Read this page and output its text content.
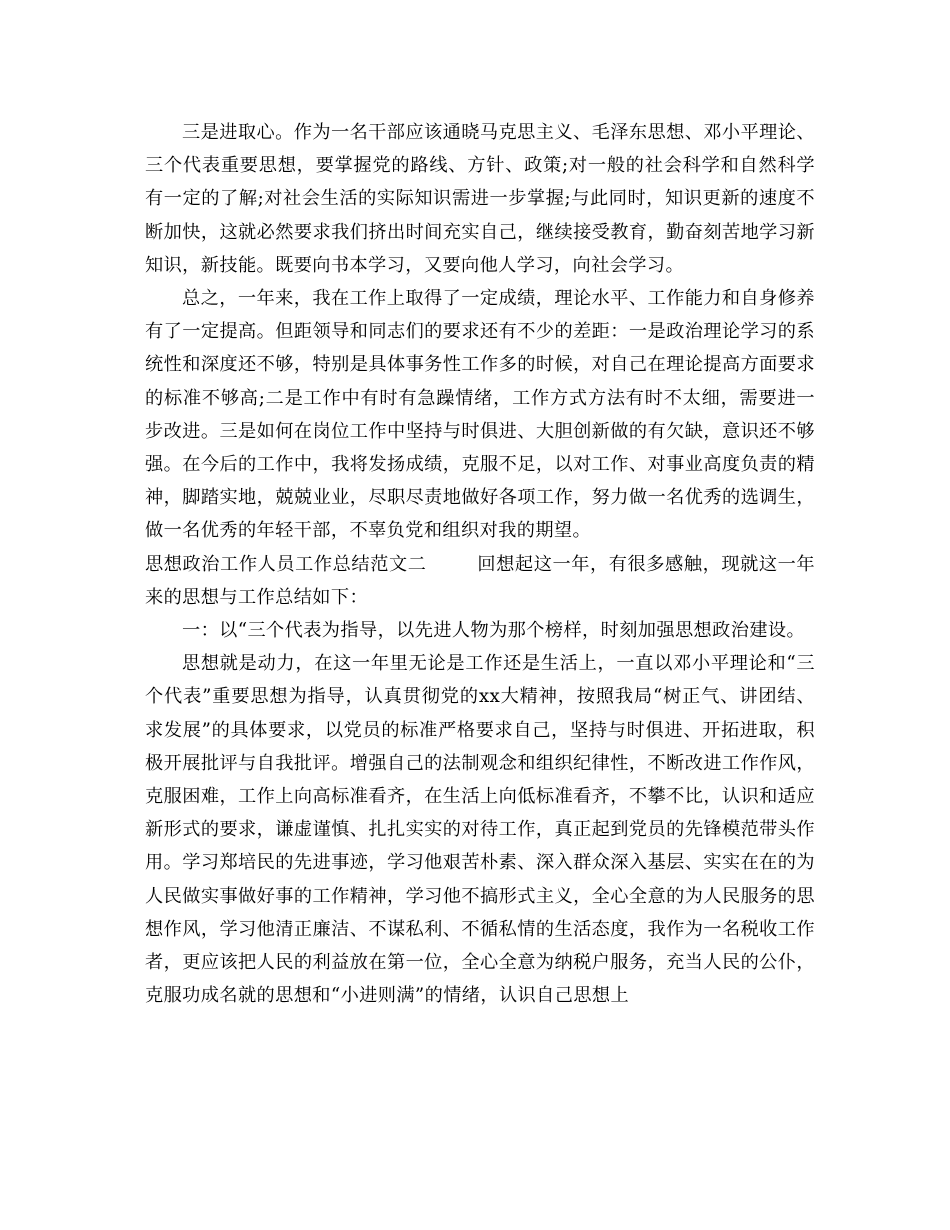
三是进取心。作为一名干部应该通晓马克思主义、毛泽东思想、邓小平理论、三个代表重要思想，要掌握党的路线、方针、政策;对一般的社会科学和自然科学有一定的了解;对社会生活的实际知识需进一步掌握;与此同时，知识更新的速度不断加快，这就必然要求我们挤出时间充实自己，继续接受教育，勤奋刻苦地学习新知识，新技能。既要向书本学习，又要向他人学习，向社会学习。

总之，一年来，我在工作上取得了一定成绩，理论水平、工作能力和自身修养有了一定提高。但距领导和同志们的要求还有不少的差距：一是政治理论学习的系统性和深度还不够，特别是具体事务性工作多的时候，对自己在理论提高方面要求的标准不够高;二是工作中有时有急躁情绪，工作方式方法有时不太细，需要进一步改进。三是如何在岗位工作中坚持与时俱进、大胆创新做的有欠缺，意识还不够强。在今后的工作中，我将发扬成绩，克服不足，以对工作、对事业高度负责的精神，脚踏实地，兢兢业业，尽职尽责地做好各项工作，努力做一名优秀的选调生，做一名优秀的年轻干部，不辜负党和组织对我的期望。

思想政治工作人员工作总结范文二	回想起这一年，有很多感触，现就这一年来的思想与工作总结如下：

一：以“三个代表为指导，以先进人物为那个榜样，时刻加强思想政治建设。

思想就是动力，在这一年里无论是工作还是生活上，一直以邓小平理论和“三个代表”重要思想为指导，认真贯彻党的xx大精神，按照我局“树正气、讲团结、求发展”的具体要求，以党员的标准严格要求自己，坚持与时俱进、开拓进取，积极开展批评与自我批评。增强自己的法制观念和组织纪律性，不断改进工作作风，克服困难，工作上向高标准看齐，在生活上向低标准看齐，不攀不比，认识和适应新形式的要求，谦虚谨慎、扎扎实实的对待工作，真正起到党员的先锋模范带头作用。学习郑培民的先进事迹，学习他艰苦朴素、深入群众深入基层、实实在在的为人民做实事做好事的工作精神，学习他不搞形式主义，全心全意的为人民服务的思想作风，学习他清正廉洁、不谋私利、不循私情的生活态度，我作为一名税收工作者，更应该把人民的利益放在第一位，全心全意为纳税户服务，充当人民的公仆，克服功成名就的思想和“小进则满”的情绪，认识自己思想上
